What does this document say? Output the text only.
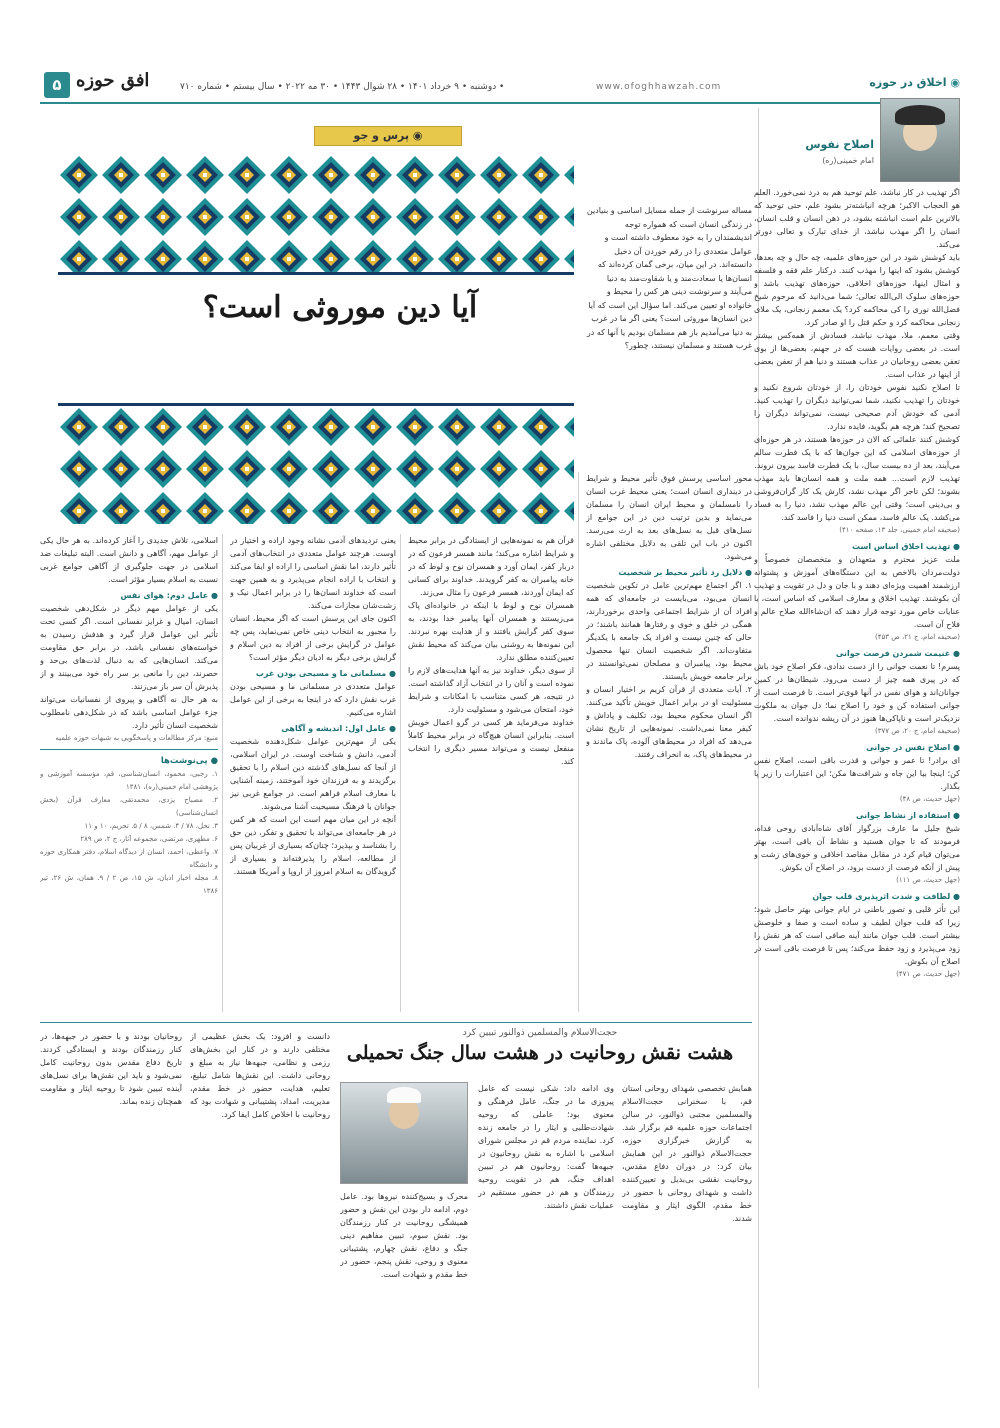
۵ افق حوزه	• دوشنبه • ۹ خرداد ۱۴۰۱ • ۲۸ شوال ۱۴۴۳ • ۳۰ مه ۲۰۲۲ • سال بیستم • شماره ۷۱۰	www.ofoghhawzah.com	◉ اخلاق در حوزه
اصلاح نفوس
امام خمینی(ره)

اگر تهذیب در کار نباشد، علم توحید هم به درد نمی‌خورد. العلم هو الحجاب الاکبر؛ هرچه انباشته‌تر بشود علم، حتی توحید که بالاترین علم است انباشته بشود، در ذهن انسان و قلب انسان، انسان را اگر مهذب نباشد، از خدای تبارک و تعالی دورتر می‌کند.

باید کوشش شود در این حوزه‌های علمیه، چه حال و چه بعدها، کوشش بشود که اینها را مهذب کنند. درکنار علم فقه و فلسفه و امثال اینها، حوزه‌های اخلاقی، حوزه‌های تهذیب باشد و حوزه‌های سلوک الی‌الله تعالی؛ شما می‌دانید که مرحوم شیخ فضل‌الله نوری را کی محاکمه کرد؟ یک معمم زنجانی، یک ملای زنجانی محاکمه کرد و حکم قتل را او صادر کرد.

وقتی معمم، ملا، مهذب نباشد، فسادش از همه‌کس بیشتر است. در بعضی روایات هست که در جهنم، بعضی‌ها از بوی تعفن بعضی روحانیان در عذاب هستند و دنیا هم از تعفن بعضی از اینها در عذاب است.

تا اصلاح نکنید نفوس خودتان را، از خودتان شروع نکنید و خودتان را تهذیب نکنید، شما نمی‌توانید دیگران را تهذیب کنید. آدمی که خودش آدم صحیحی نیست، نمی‌تواند دیگران را تصحیح کند؛ هرچه هم بگوید، فایده ندارد.

کوشش کنند علمائی که الان در حوزه‌ها هستند، در هر حوزه‌ای از حوزه‌های اسلامی که این جوان‌ها که با یک فطرت سالم می‌آیند، بعد از ده بیست سال، با یک فطرت فاسد بیرون نروند.

تهذیب لازم است... همه ملت و همه انسان‌ها باید مهذب بشوند؛ لکن تاجر اگر مهذب نشد، کارش یک کار گران‌فروشی و بی‌دینی است؛ وقتی این عالم مهذب نشد، دنیا را به فساد می‌کشد. یک عالم فاسد، ممکن است دنیا را فاسد کند.

(صحیفه امام خمینی، جلد ۱۳، صفحه ۴۱۰)

● تهذیب اخلاق اساس است

ملت عزیز محترم و متعهدان و متخصصان خصوصاً و دولت‌مردان بالاخص به این دستگاه‌های آموزش و پشتوانه ارزشمند اهمیت ویژه‌ای دهند و با جان و دل در تقویت و تهذیب آن بکوشند. تهذیب اخلاق و معارف اسلامی که اساس است، با عنایات خاص مورد توجه قرار دهند که ان‌شاءالله صلاح عالم و فلاح آن است.

(صحیفه امام، ج ۲۱، ص ۴۵۳)

● غنیمت شمردن فرصت جوانی

پسرم! تا نعمت جوانی را از دست ندادی، فکر اصلاح خود باش که در پیری همه چیز از دست می‌رود. شیطان‌ها در کمین جوانان‌اند و هوای نفس در آنها قوی‌تر است. تا فرصت است از جوانی استفاده کن و خود را اصلاح نما؛ دل جوان به ملکوت نزدیک‌تر است و ناپاکی‌ها هنوز در آن ریشه ندوانده است.

(صحیفه امام، ج ۲۰، ص ۳۷۷)

● اصلاح نفس در جوانی

ای برادر! تا عمر و جوانی و قدرت باقی است، اصلاح نفس کن؛ اینجا بیا این جاه و شرافت‌ها مکن؛ این اعتبارات را زیر پا بگذار.

(جهل حدیث، ص ۴۸)

● استفاده از نشاط جوانی

شیخ جلیل ما عارف بزرگوار آقای شاه‌آبادی روحی فداه، فرمودند که تا جوان هستید و نشاط آن باقی است، بهتر می‌توان قیام کرد در مقابل مقاصد اخلاقی و خوی‌های زشت و پیش از آنکه فرصت از دست برود، در اصلاح آن بکوش.

(جهل حدیث، ص ۱۱۱)

● لطافت و شدت اثرپذیری قلب جوان

این تأثر قلبی و تصور باطنی در ایام جوانی بهتر حاصل شود؛ زیرا که قلب جوان لطیف و ساده است و صفا و خلوصش بیشتر است. قلب جوان مانند آینه صافی است که هر نقش را زود می‌پذیرد و زود حفظ می‌کند؛ پس تا فرصت باقی است در اصلاح آن بکوش.

(جهل حدیث، ص ۴۷۱)

◉ پرس و جو
آیا دین موروثی است؟
مساله سرنوشت از جمله مسایل اساسی و بنیادین در زندگی انسان است که همواره توجه اندیشمندان را به خود معطوف داشته است و عوامل متعددی را در رقم خوردن آن دخیل دانسته‌اند. در این میان، برخی گمان کرده‌اند که انسان‌ها یا سعادت‌مند و یا شقاوت‌مند به دنیا می‌آیند و سرنوشت دینی هر کس را محیط و خانواده او تعیین می‌کند. اما سؤال این است که آیا دین انسان‌ها موروثی است؟ یعنی اگر ما در غرب به دنیا می‌آمدیم باز هم مسلمان بودیم یا آنها که در غرب هستند و مسلمان نیستند، چطور؟

محور اساسی پرسش فوق تأثیر محیط و شرایط در دینداری انسان است؛ یعنی محیط غرب انسان را نامسلمان و محیط ایران انسان را مسلمان می‌نماید و بدین ترتیب دین در این جوامع از نسل‌های قبل به نسل‌های بعد به ارث می‌رسد. اکنون در باب این تلقی به دلایل مختلفی اشاره می‌شود.

● دلایل رد تأثیر محیط بر شخصیت

۱. اگر اجتماع مهم‌ترین عامل در تکوین شخصیت انسان می‌بود، می‌بایست در جامعه‌ای که همه افراد آن از شرایط اجتماعی واحدی برخوردارند، همگی در خلق و خوی و رفتارها همانند باشند؛ در حالی که چنین نیست و افراد یک جامعه با یکدیگر متفاوت‌اند. اگر شخصیت انسان تنها محصول محیط بود، پیامبران و مصلحان نمی‌توانستند در برابر جامعه خویش بایستند.

۲. آیات متعددی از قرآن کریم بر اختیار انسان و مسئولیت او در برابر اعمال خویش تأکید می‌کنند. اگر انسان محکوم محیط بود، تکلیف و پاداش و کیفر معنا نمی‌داشت. نمونه‌هایی از تاریخ نشان می‌دهد که افراد در محیط‌های آلوده، پاک ماندند و در محیط‌های پاک، به انحراف رفتند.

قرآن هم به نمونه‌هایی از ایستادگی در برابر محیط و شرایط اشاره می‌کند؛ مانند همسر فرعون که در دربار کفر، ایمان آورد و همسران نوح و لوط که در خانه پیامبران به کفر گرویدند. خداوند برای کسانی که ایمان آوردند، همسر فرعون را مثال می‌زند.

همسران نوح و لوط با اینکه در خانواده‌ای پاک می‌زیستند و همسران آنها پیامبر خدا بودند، به سوی کفر گرایش یافتند و از هدایت بهره نبردند. این نمونه‌ها به روشنی بیان می‌کند که محیط نقش تعیین‌کننده مطلق ندارد.

از سوی دیگر، خداوند نیز به آنها هدایت‌های لازم را نموده است و آنان را در انتخاب آزاد گذاشته است. در نتیجه، هر کسی متناسب با امکانات و شرایط خود، امتحان می‌شود و مسئولیت دارد.

خداوند می‌فرماید هر کسی در گرو اعمال خویش است. بنابراین انسان هیچ‌گاه در برابر محیط کاملاً منفعل نیست و می‌تواند مسیر دیگری را انتخاب کند.

یعنی تردیدهای آدمی نشانه وجود اراده و اختیار در اوست. هرچند عوامل متعددی در انتخاب‌های آدمی تأثیر دارند، اما نقش اساسی را اراده او ایفا می‌کند و انتخاب با اراده انجام می‌پذیرد و به همین جهت است که خداوند انسان‌ها را در برابر اعمال نیک و زشت‌شان مجازات می‌کند.

اکنون جای این پرسش است که اگر محیط، انسان را مجبور به انتخاب دینی خاص نمی‌نماید، پس چه عوامل در گرایش برخی از افراد به دین اسلام و گرایش برخی دیگر به ادیان دیگر مؤثر است؟

● مسلمانی ما و مسیحی بودن غرب

عوامل متعددی در مسلمانی ما و مسیحی بودن غرب نقش دارد که در اینجا به برخی از این عوامل اشاره می‌کنیم.

● عامل اول: اندیشه و آگاهی

یکی از مهم‌ترین عوامل شکل‌دهنده شخصیت آدمی، دانش و شناخت اوست. در ایران اسلامی، از آنجا که نسل‌های گذشته دین اسلام را با تحقیق برگزیدند و به فرزندان خود آموختند، زمینه آشنایی با معارف اسلام فراهم است. در جوامع غربی نیز جوانان با فرهنگ مسیحیت آشنا می‌شوند.

آنچه در این میان مهم است این است که هر کس در هر جامعه‌ای می‌تواند با تحقیق و تفکر، دین حق را بشناسد و بپذیرد؛ چنان‌که بسیاری از غربیان پس از مطالعه، اسلام را پذیرفته‌اند و بسیاری از گرویدگان به اسلام امروز از اروپا و آمریکا هستند.

اسلامی، تلاش جدیدی را آغاز کرده‌اند. به هر حال یکی از عوامل مهم، آگاهی و دانش است. البته تبلیغات ضد اسلامی در جهت جلوگیری از آگاهی جوامع غربی نسبت به اسلام بسیار مؤثر است.

● عامل دوم: هوای نفس

یکی از عوامل مهم دیگر در شکل‌دهی شخصیت انسان، امیال و غرایز نفسانی است. اگر کسی تحت تأثیر این عوامل قرار گیرد و هدفش رسیدن به خواسته‌های نفسانی باشد، در برابر حق مقاومت می‌کند. انسان‌هایی که به دنبال لذت‌های بی‌حد و حصرند، دین را مانعی بر سر راه خود می‌بینند و از پذیرش آن سر باز می‌زنند.

به هر حال نه آگاهی و پیروی از نفسانیات می‌تواند جزء عوامل اساسی باشد که در شکل‌دهی نامطلوب شخصیت انسان تأثیر دارد.

منبع: مرکز مطالعات و پاسخگویی به شبهات حوزه علمیه

● پی‌نوشت‌ها

۱. رجبی، محمود، انسان‌شناسی، قم، مؤسسه آموزشی و پژوهشی امام خمینی(ره)، ۱۳۸۱

۲. مصباح یزدی، محمدتقی، معارف قرآن (بخش انسان‌شناسی)

۳. نحل، ۷۸ / ۴. شمس، ۸ / ۵. تحریم، ۱۰ و ۱۱

۶. مطهری، مرتضی، مجموعه آثار، ج ۲، ص ۲۸۹

۷. واعظی، احمد، انسان از دیدگاه اسلام، دفتر همکاری حوزه و دانشگاه

۸. مجله اخبار ادیان، ش ۱۵، ص ۲ / ۹. همان، ش ۲۶، تیر ۱۳۸۶

حجت‌الاسلام والمسلمین ذوالنور تبیین کرد
هشت نقش روحانیت در هشت سال جنگ تحمیلی

همایش تخصصی شهدای روحانی استان قم، با سخنرانی حجت‌الاسلام والمسلمین مجتبی ذوالنور، در سالن اجتماعات حوزه علمیه قم برگزار شد. به گزارش خبرگزاری حوزه، حجت‌الاسلام ذوالنور در این همایش بیان کرد: در دوران دفاع مقدس، روحانیت نقشی بی‌بدیل و تعیین‌کننده داشت و شهدای روحانی با حضور در خط مقدم، الگوی ایثار و مقاومت شدند.

وی ادامه داد: شکی نیست که عامل پیروزی ما در جنگ، عامل فرهنگی و معنوی بود؛ عاملی که روحیه شهادت‌طلبی و ایثار را در جامعه زنده کرد. نماینده مردم قم در مجلس شورای اسلامی با اشاره به نقش روحانیون در جبهه‌ها گفت: روحانیون هم در تبیین اهداف جنگ، هم در تقویت روحیه رزمندگان و هم در حضور مستقیم در عملیات نقش داشتند.

محرک و بسیج‌کننده نیروها بود. عامل دوم، ادامه دار بودن این نقش و حضور همیشگی روحانیت در کنار رزمندگان بود. نقش سوم، تبیین مفاهیم دینی جنگ و دفاع، نقش چهارم، پشتیبانی معنوی و روحی، نقش پنجم، حضور در خط مقدم و شهادت است.

دانست و افزود: یک بخش عظیمی از مختلفی دارند و در کنار این بخش‌های رزمی و نظامی، جبهه‌ها نیاز به مبلغ و روحانی داشت. این نقش‌ها شامل تبلیغ، تعلیم، هدایت، حضور در خط مقدم، مدیریت، امداد، پشتیبانی و شهادت بود که روحانیت با اخلاص کامل ایفا کرد.

روحانیان بودند و با حضور در جبهه‌ها، در کنار رزمندگان بودند و ایستادگی کردند. تاریخ دفاع مقدس بدون روحانیت کامل نمی‌شود و باید این نقش‌ها برای نسل‌های آینده تبیین شود تا روحیه ایثار و مقاومت همچنان زنده بماند.
